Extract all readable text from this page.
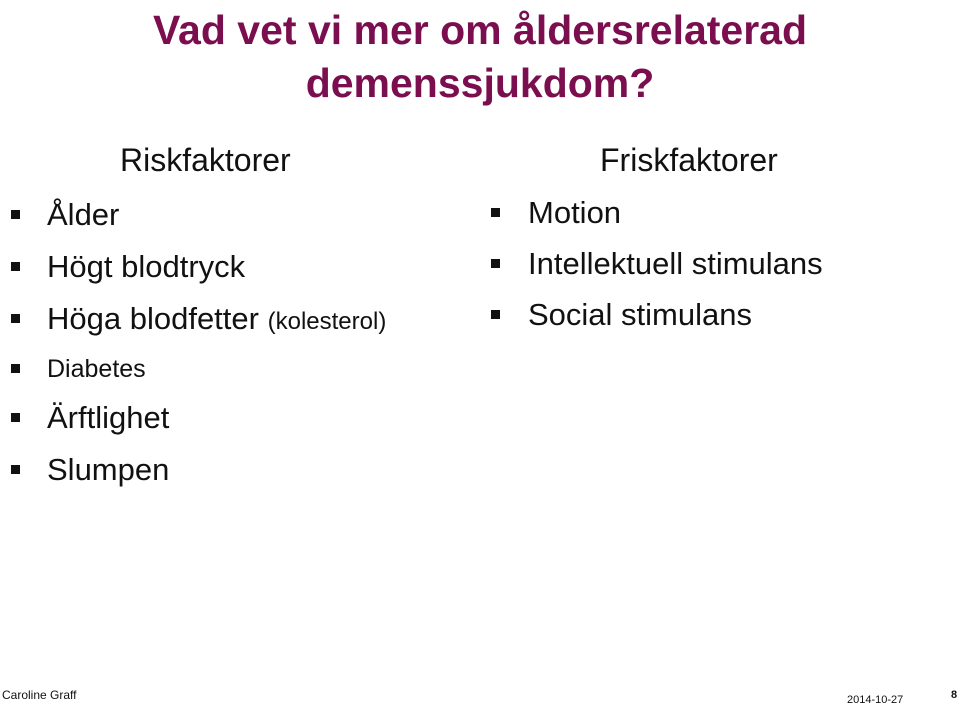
Vad vet vi mer om åldersrelaterad
demenssjukdom?
Riskfaktorer	Friskfaktorer
Ålder
Högt blodtryck
Höga blodfetter (kolesterol)
Diabetes
Ärftlighet
Slumpen
Motion
Intellektuell stimulans
Social stimulans
Caroline Graff	2014-10-27	8
